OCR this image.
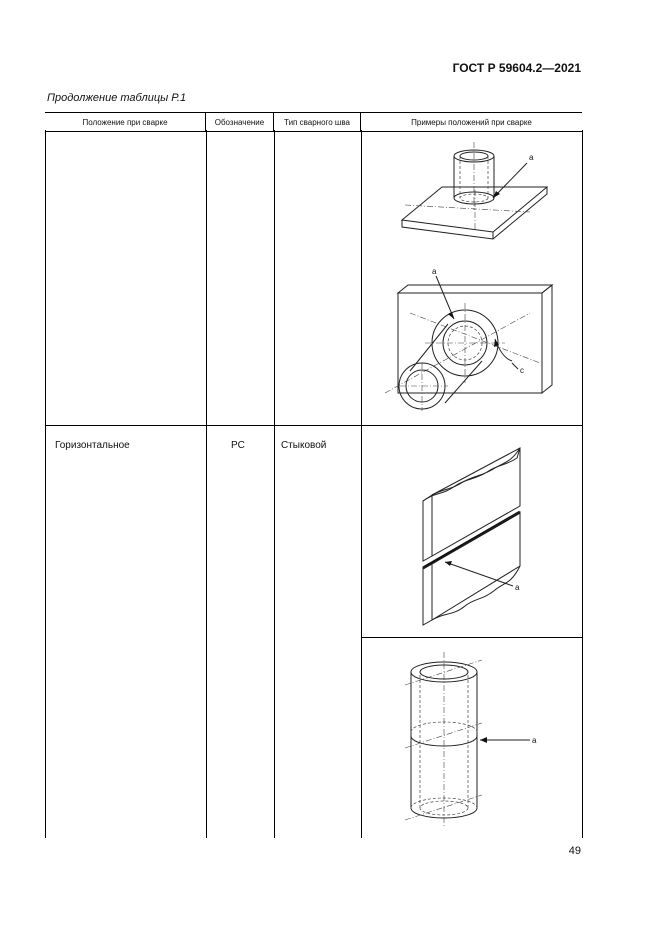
ГОСТ Р 59604.2—2021
Продолжение таблицы Р.1
Положение при сварке	Обозначение	Тип сварного шва	Примеры положений при сварке
Горизонтальное	PC	Стыковой
a
a
c
a
a
49
